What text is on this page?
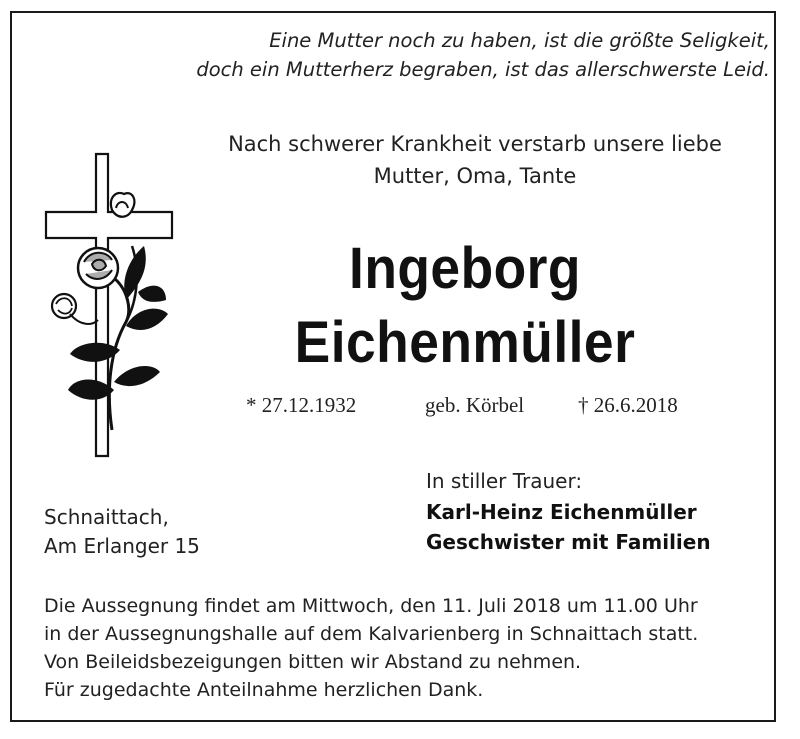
Eine Mutter noch zu haben, ist die größte Seligkeit,
doch ein Mutterherz begraben, ist das allerschwerste Leid.
Nach schwerer Krankheit verstarb unsere liebe
Mutter, Oma, Tante
Ingeborg
Eichenmüller
* 27.12.1932	geb. Körbel	† 26.6.2018
In stiller Trauer:
Karl-Heinz Eichenmüller
Geschwister mit Familien
Schnaittach,
Am Erlanger 15
Die Aussegnung findet am Mittwoch, den 11. Juli 2018 um 11.00 Uhr
in der Aussegnungshalle auf dem Kalvarienberg in Schnaittach statt.
Von Beileidsbezeigungen bitten wir Abstand zu nehmen.
Für zugedachte Anteilnahme herzlichen Dank.
